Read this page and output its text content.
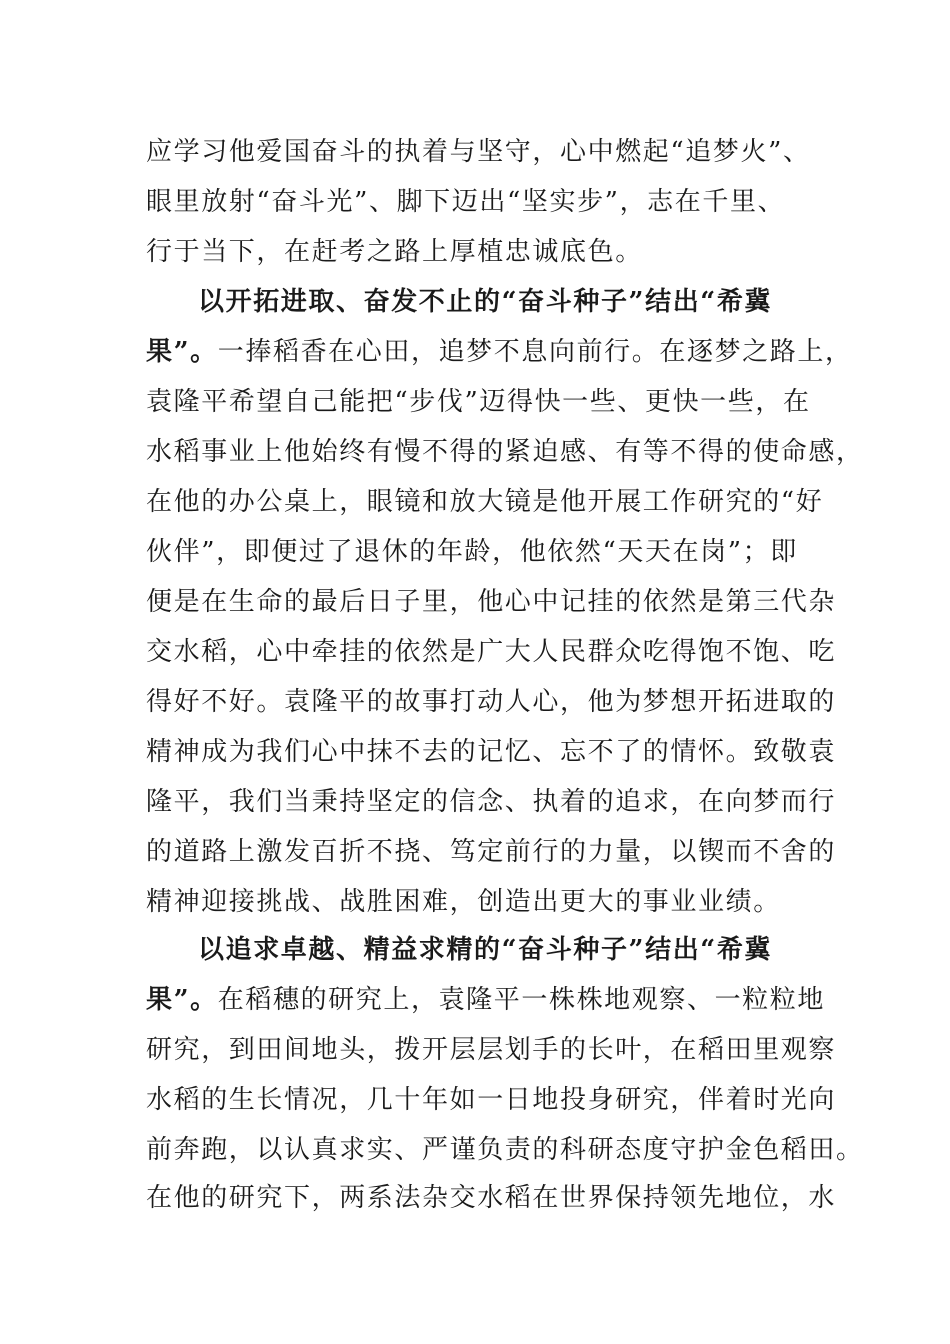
应学习他爱国奋斗的执着与坚守，心中燃起“追梦火”、
眼里放射“奋斗光”、脚下迈出“坚实步”，志在千里、
行于当下，在赶考之路上厚植忠诚底色。
以开拓进取、奋发不止的“奋斗种子”结出“希冀
果”。一捧稻香在心田，追梦不息向前行。在逐梦之路上，
袁隆平希望自己能把“步伐”迈得快一些、更快一些，在
水稻事业上他始终有慢不得的紧迫感、有等不得的使命感，
在他的办公桌上，眼镜和放大镜是他开展工作研究的“好
伙伴”，即便过了退休的年龄，他依然“天天在岗”；即
便是在生命的最后日子里，他心中记挂的依然是第三代杂
交水稻，心中牵挂的依然是广大人民群众吃得饱不饱、吃
得好不好。袁隆平的故事打动人心，他为梦想开拓进取的
精神成为我们心中抹不去的记忆、忘不了的情怀。致敬袁
隆平，我们当秉持坚定的信念、执着的追求，在向梦而行
的道路上激发百折不挠、笃定前行的力量，以锲而不舍的
精神迎接挑战、战胜困难，创造出更大的事业业绩。
以追求卓越、精益求精的“奋斗种子”结出“希冀
果”。在稻穗的研究上，袁隆平一株株地观察、一粒粒地
研究，到田间地头，拨开层层划手的长叶，在稻田里观察
水稻的生长情况，几十年如一日地投身研究，伴着时光向
前奔跑，以认真求实、严谨负责的科研态度守护金色稻田。
在他的研究下，两系法杂交水稻在世界保持领先地位，水
